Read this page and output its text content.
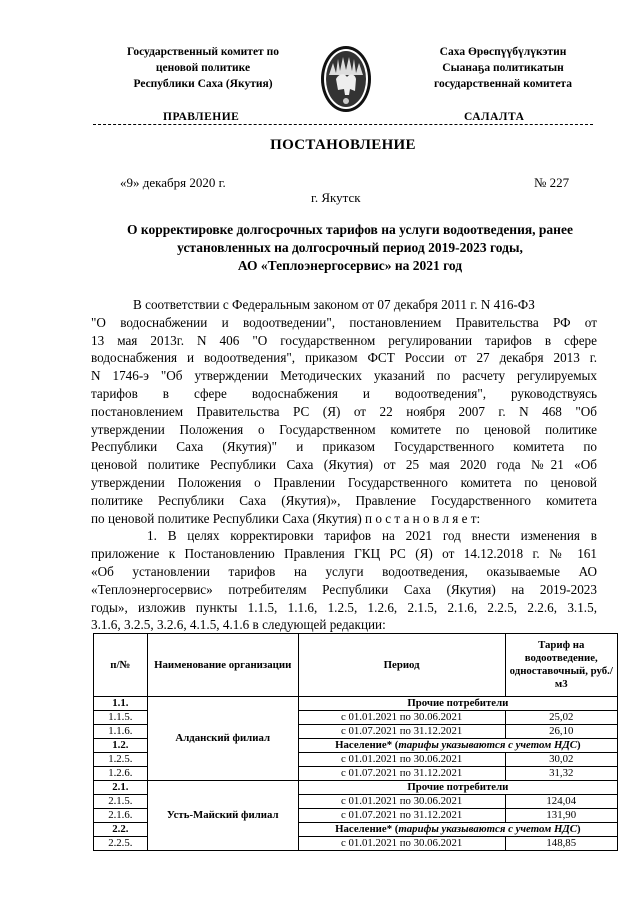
Государственный комитет по
ценовой политике
Республики Саха (Якутия)
Саха Өрөспүүбүлүкэтин
Сыанаҕа политикатын
государственнай комитета
ПРАВЛЕНИЕ	САЛАЛТА
ПОСТАНОВЛЕНИЕ
«9» декабря 2020 г.	№ 227
г. Якутск
О корректировке долгосрочных тарифов на услуги водоотведения, ранее
установленных на долгосрочный период 2019-2023 годы,
АО «Теплоэнергосервис» на 2021 год
В соответствии с Федеральным законом от 07 декабря 2011 г. N 416-ФЗ
"О водоснабжении и водоотведении", постановлением Правительства РФ от
13 мая 2013г. N 406 "О государственном регулировании тарифов в сфере
водоснабжения и водоотведения", приказом ФСТ России от 27 декабря 2013 г.
N 1746-э "Об утверждении Методических указаний по расчету регулируемых
тарифов в сфере водоснабжения и водоотведения", руководствуясь
постановлением Правительства РС (Я) от 22 ноября 2007 г. N 468 "Об
утверждении Положения о Государственном комитете по ценовой политике
Республики Саха (Якутия)" и приказом Государственного комитета по
ценовой политике Республики Саха (Якутия) от 25 мая 2020 года №21 «Об
утверждении Положения о Правлении Государственного комитета по ценовой
политике Республики Саха (Якутия)», Правление Государственного комитета
по ценовой политике Республики Саха (Якутия) п о с т а н о в л я е т:
1. В целях корректировки тарифов на 2021 год внести изменения в
приложение к Постановлению Правления ГКЦ РС (Я) от 14.12.2018 г. № 161
«Об установлении тарифов на услуги водоотведения, оказываемые АО
«Теплоэнергосервис» потребителям Республики Саха (Якутия) на 2019-2023
годы», изложив пункты 1.1.5, 1.1.6, 1.2.5, 1.2.6, 2.1.5, 2.1.6, 2.2.5, 2.2.6, 3.1.5,
3.1.6, 3.2.5, 3.2.6, 4.1.5, 4.1.6 в следующей редакции:
п/№	Наименование организации	Период	Тариф на водоотведение, одноставочный, руб./м3
1.1.	Алданский филиал	Прочие потребители	
1.1.5.		с 01.01.2021 по 30.06.2021	25,02
1.1.6.		с 01.07.2021 по 31.12.2021	26,10
1.2.		Население* (тарифы указываются с учетом НДС)	
1.2.5.		с 01.01.2021 по 30.06.2021	30,02
1.2.6.		с 01.07.2021 по 31.12.2021	31,32
2.1.	Усть-Майский филиал	Прочие потребители	
2.1.5.		с 01.01.2021 по 30.06.2021	124,04
2.1.6.		с 01.07.2021 по 31.12.2021	131,90
2.2.		Население* (тарифы указываются с учетом НДС)	
2.2.5.		с 01.01.2021 по 30.06.2021	148,85
